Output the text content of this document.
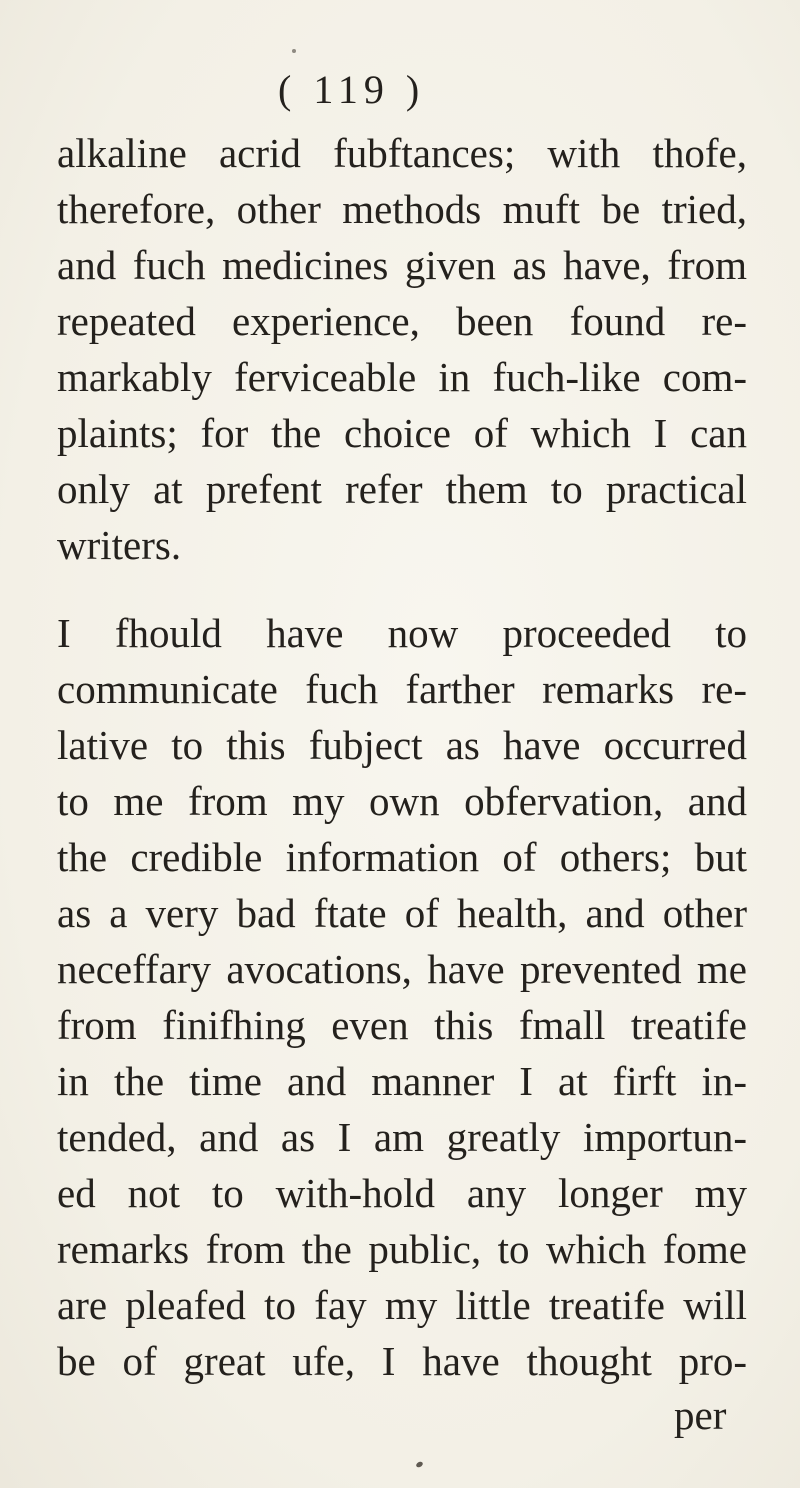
( 119 )
alkaline acrid fubftances; with thofe,
therefore, other methods muft be tried,
and fuch medicines given as have, from
repeated experience, been found re-
markably ferviceable in fuch-like com-
plaints; for the choice of which I can
only at prefent refer them to practical
writers.
I fhould have now proceeded to
communicate fuch farther remarks re-
lative to this fubject as have occurred
to me from my own obfervation, and
the credible information of others; but
as a very bad ftate of health, and other
neceffary avocations, have prevented me
from finifhing even this fmall treatife
in the time and manner I at firft in-
tended, and as I am greatly importun-
ed not to with-hold any longer my
remarks from the public, to which fome
are pleafed to fay my little treatife will
be of great ufe, I have thought pro-
per
